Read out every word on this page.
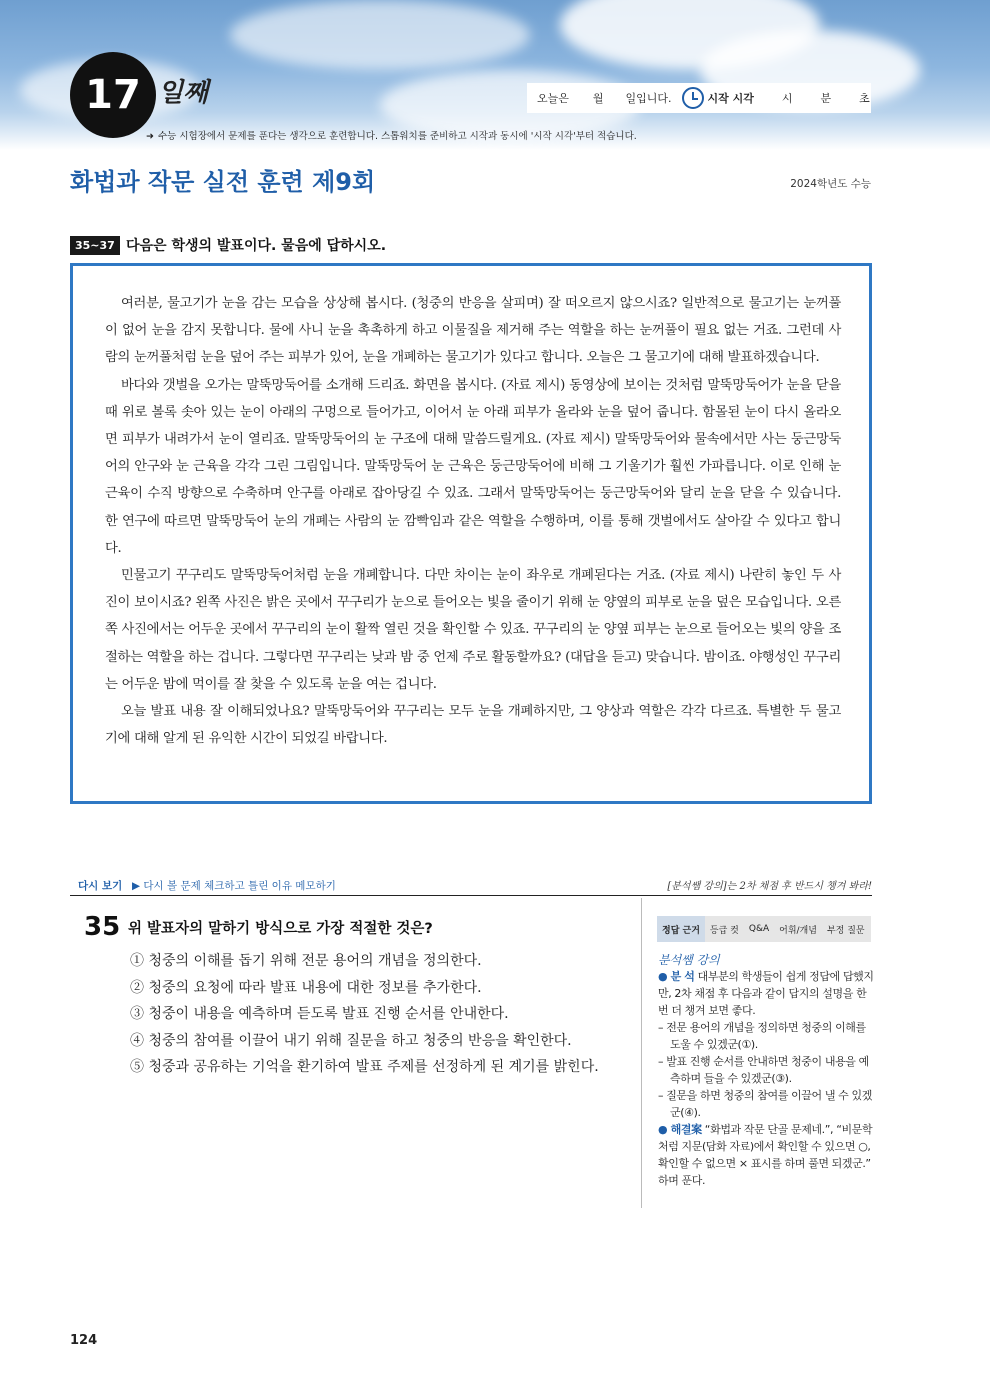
17 일째	오늘은 월 일입니다.	시작 시각	시	분	초
➜ 수능 시험장에서 문제를 푼다는 생각으로 훈련합니다. 스톱워치를 준비하고 시작과 동시에 '시작 시각'부터 적습니다.
화법과 작문 실전 훈련 제9회	2024학년도 수능
35~37 다음은 학생의 발표이다. 물음에 답하시오.

여러분, 물고기가 눈을 감는 모습을 상상해 봅시다. (청중의 반응을 살피며) 잘 떠오르지 않으시죠? 일반적으로 물고기는 눈꺼풀이 없어 눈을 감지 못합니다. 물에 사니 눈을 촉촉하게 하고 이물질을 제거해 주는 역할을 하는 눈꺼풀이 필요 없는 거죠. 그런데 사람의 눈꺼풀처럼 눈을 덮어 주는 피부가 있어, 눈을 개폐하는 물고기가 있다고 합니다. 오늘은 그 물고기에 대해 발표하겠습니다.

바다와 갯벌을 오가는 말뚝망둑어를 소개해 드리죠. 화면을 봅시다. (자료 제시) 동영상에 보이는 것처럼 말뚝망둑어가 눈을 닫을 때 위로 볼록 솟아 있는 눈이 아래의 구멍으로 들어가고, 이어서 눈 아래 피부가 올라와 눈을 덮어 줍니다. 함몰된 눈이 다시 올라오면 피부가 내려가서 눈이 열리죠. 말뚝망둑어의 눈 구조에 대해 말씀드릴게요. (자료 제시) 말뚝망둑어와 물속에서만 사는 둥근망둑어의 안구와 눈 근육을 각각 그린 그림입니다. 말뚝망둑어 눈 근육은 둥근망둑어에 비해 그 기울기가 훨씬 가파릅니다. 이로 인해 눈 근육이 수직 방향으로 수축하며 안구를 아래로 잡아당길 수 있죠. 그래서 말뚝망둑어는 둥근망둑어와 달리 눈을 닫을 수 있습니다. 한 연구에 따르면 말뚝망둑어 눈의 개폐는 사람의 눈 깜빡임과 같은 역할을 수행하며, 이를 통해 갯벌에서도 살아갈 수 있다고 합니다.

민물고기 꾸구리도 말뚝망둑어처럼 눈을 개폐합니다. 다만 차이는 눈이 좌우로 개폐된다는 거죠. (자료 제시) 나란히 놓인 두 사진이 보이시죠? 왼쪽 사진은 밝은 곳에서 꾸구리가 눈으로 들어오는 빛을 줄이기 위해 눈 양옆의 피부로 눈을 덮은 모습입니다. 오른쪽 사진에서는 어두운 곳에서 꾸구리의 눈이 활짝 열린 것을 확인할 수 있죠. 꾸구리의 눈 양옆 피부는 눈으로 들어오는 빛의 양을 조절하는 역할을 하는 겁니다. 그렇다면 꾸구리는 낮과 밤 중 언제 주로 활동할까요? (대답을 듣고) 맞습니다. 밤이죠. 야행성인 꾸구리는 어두운 밤에 먹이를 잘 찾을 수 있도록 눈을 여는 겁니다.

오늘 발표 내용 잘 이해되었나요? 말뚝망둑어와 꾸구리는 모두 눈을 개폐하지만, 그 양상과 역할은 각각 다르죠. 특별한 두 물고기에 대해 알게 된 유익한 시간이 되었길 바랍니다.

다시 보기 ▶ 다시 볼 문제 체크하고 틀린 이유 메모하기	[분석쌤 강의]는 2차 채점 후 반드시 챙겨 봐라!
35 위 발표자의 말하기 방식으로 가장 적절한 것은?
① 청중의 이해를 돕기 위해 전문 용어의 개념을 정의한다.
② 청중의 요청에 따라 발표 내용에 대한 정보를 추가한다.
③ 청중이 내용을 예측하며 듣도록 발표 진행 순서를 안내한다.
④ 청중의 참여를 이끌어 내기 위해 질문을 하고 청중의 반응을 확인한다.
⑤ 청중과 공유하는 기억을 환기하여 발표 주제를 선정하게 된 계기를 밝힌다.
정답 근거	등급 컷	Q&A	어휘/개념	부정 질문
분석쌤 강의
● 분 석 대부분의 학생들이 쉽게 정답에 답했지만, 2차 채점 후 다음과 같이 답지의 설명을 한 번 더 챙겨 보면 좋다.
– 전문 용어의 개념을 정의하면 청중의 이해를 도울 수 있겠군(①).
– 발표 진행 순서를 안내하면 청중이 내용을 예측하며 들을 수 있겠군(③).
– 질문을 하면 청중의 참여를 이끌어 낼 수 있겠군(④).
● 해결案 “화법과 작문 단골 문제네.”, “비문학처럼 지문(담화 자료)에서 확인할 수 있으면 ○, 확인할 수 없으면 × 표시를 하며 풀면 되겠군.” 하며 푼다.
124
